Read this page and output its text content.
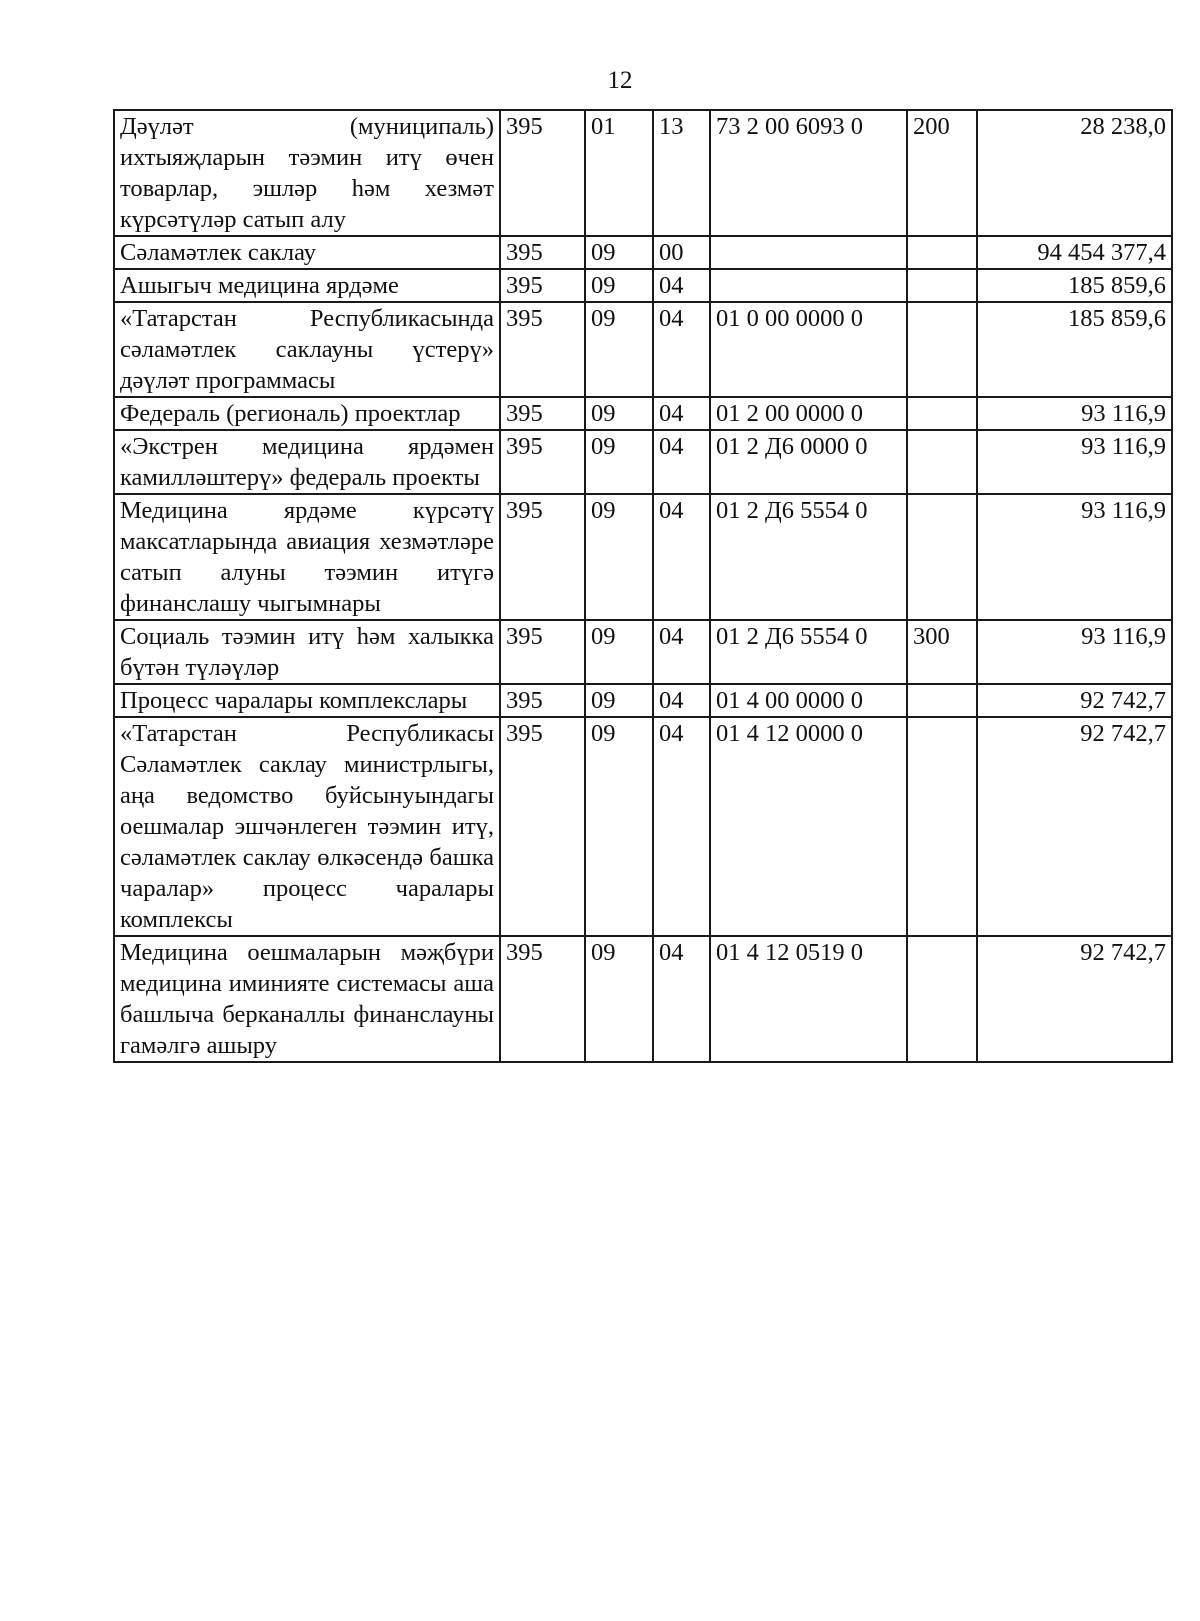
12
Дәүләт (муниципаль) ихтыяҗларын тәэмин итү өчен товарлар, эшләр һәм хезмәт күрсәтүләр сатып алу	395	01	13	73 2 00 6093 0	200	28 238,0
Сәламәтлек саклау	395	09	00			94 454 377,4
Ашыгыч медицина ярдәме	395	09	04			185 859,6
«Татарстан Республикасында сәламәтлек саклауны үстерү» дәүләт программасы	395	09	04	01 0 00 0000 0		185 859,6
Федераль (региональ) проектлар	395	09	04	01 2 00 0000 0		93 116,9
«Экстрен медицина ярдәмен камилләштерү» федераль проекты	395	09	04	01 2 Д6 0000 0		93 116,9
Медицина ярдәме күрсәтү максатларында авиация хезмәтләре сатып алуны тәэмин итүгә финанслашу чыгымнары	395	09	04	01 2 Д6 5554 0		93 116,9
Социаль тәэмин итү һәм халыкка бүтән түләүләр	395	09	04	01 2 Д6 5554 0	300	93 116,9
Процесс чаралары комплекслары	395	09	04	01 4 00 0000 0		92 742,7
«Татарстан Республикасы Сәламәтлек саклау министрлыгы, аңа ведомство буйсынуындагы оешмалар эшчәнлеген тәэмин итү, сәламәтлек саклау өлкәсендә башка чаралар» процесс чаралары комплексы	395	09	04	01 4 12 0000 0		92 742,7
Медицина оешмаларын мәҗбүри медицина иминияте системасы аша башлыча берканаллы финанслауны гамәлгә ашыру	395	09	04	01 4 12 0519 0		92 742,7
